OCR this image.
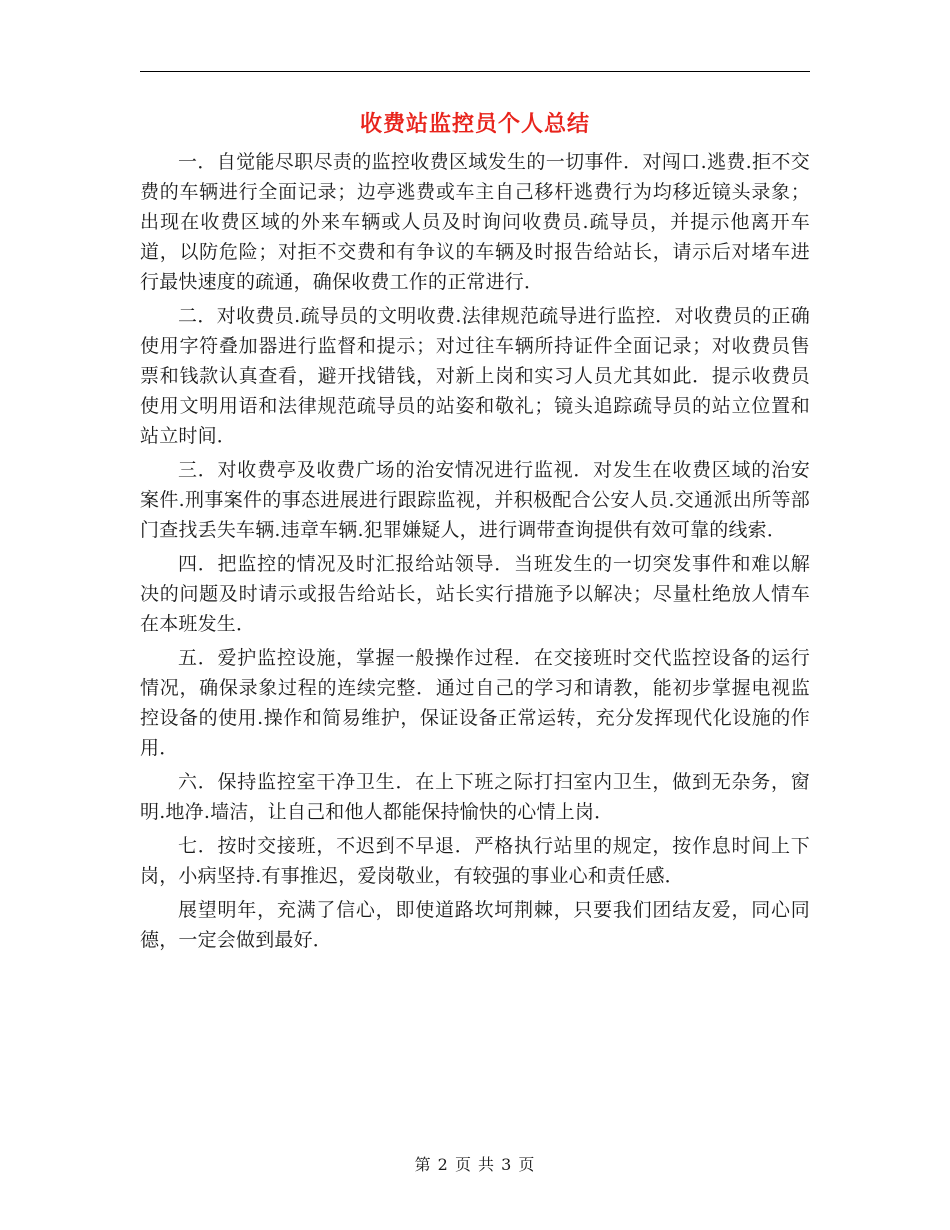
收费站监控员个人总结

一．自觉能尽职尽责的监控收费区域发生的一切事件．对闯口.逃费.拒不交费的车辆进行全面记录；边亭逃费或车主自己移杆逃费行为均移近镜头录象；出现在收费区域的外来车辆或人员及时询问收费员.疏导员，并提示他离开车道，以防危险；对拒不交费和有争议的车辆及时报告给站长，请示后对堵车进行最快速度的疏通，确保收费工作的正常进行．

二．对收费员.疏导员的文明收费.法律规范疏导进行监控．对收费员的正确使用字符叠加器进行监督和提示；对过往车辆所持证件全面记录；对收费员售票和钱款认真查看，避开找错钱，对新上岗和实习人员尤其如此．提示收费员使用文明用语和法律规范疏导员的站姿和敬礼；镜头追踪疏导员的站立位置和站立时间．

三．对收费亭及收费广场的治安情况进行监视．对发生在收费区域的治安案件.刑事案件的事态进展进行跟踪监视，并积极配合公安人员.交通派出所等部门查找丢失车辆.违章车辆.犯罪嫌疑人，进行调带查询提供有效可靠的线索．

四．把监控的情况及时汇报给站领导．当班发生的一切突发事件和难以解决的问题及时请示或报告给站长，站长实行措施予以解决；尽量杜绝放人情车在本班发生．

五．爱护监控设施，掌握一般操作过程．在交接班时交代监控设备的运行情况，确保录象过程的连续完整．通过自己的学习和请教，能初步掌握电视监控设备的使用.操作和简易维护，保证设备正常运转，充分发挥现代化设施的作用．

六．保持监控室干净卫生．在上下班之际打扫室内卫生，做到无杂务，窗明.地净.墙洁，让自己和他人都能保持愉快的心情上岗．

七．按时交接班，不迟到不早退．严格执行站里的规定，按作息时间上下岗，小病坚持.有事推迟，爱岗敬业，有较强的事业心和责任感．

展望明年，充满了信心，即使道路坎坷荆棘，只要我们团结友爱，同心同德，一定会做到最好．

第 2 页 共 3 页
